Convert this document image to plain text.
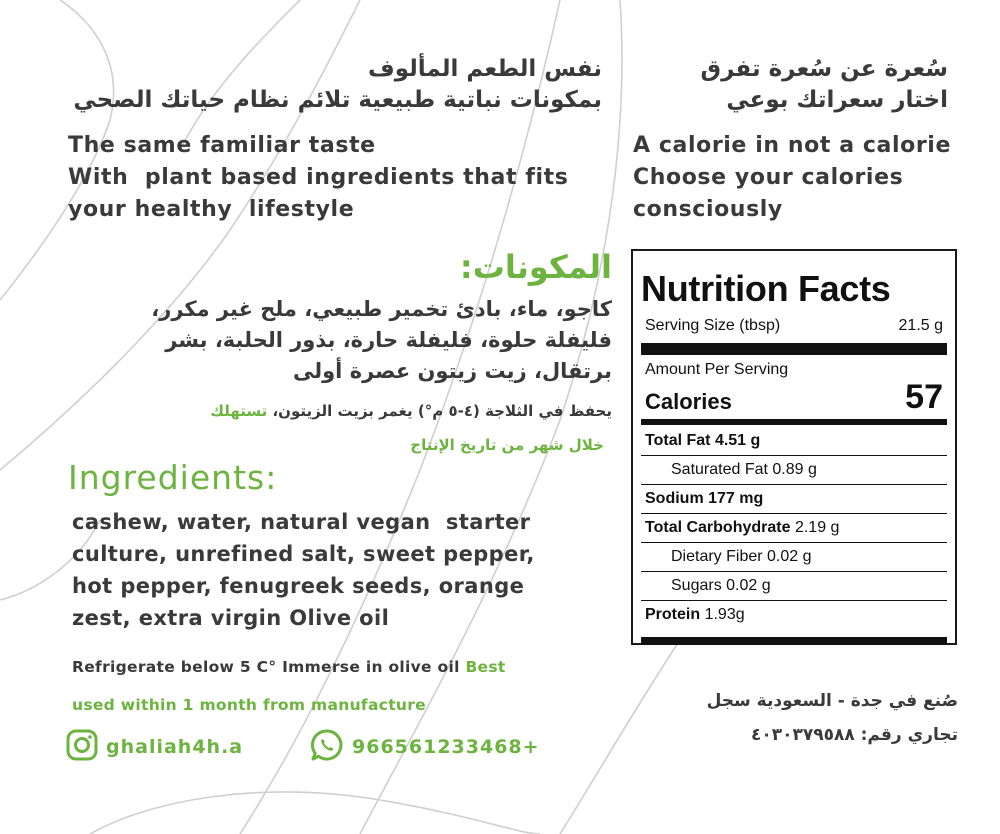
نفس الطعم المألوف
بمكونات نباتية طبيعية تلائم نظام حياتك الصحي
The same familiar taste
With  plant based ingredients that fits
your healthy  lifestyle
سُعرة عن سُعرة تفرق
اختار سعراتك بوعي
A calorie in not a calorie
Choose your calories
consciously
المكونات:
كاجو، ماء، بادئ تخمير طبيعي، ملح غير مكرر،
فليفلة حلوة، فليفلة حارة، بذور الحلبة، بشر
برتقال، زيت زيتون عصرة أولى
يحفظ في الثلاجة (٤-٥ م°) يغمر بزيت الزيتون، تستهلك
خلال شهر من تاريخ الإنتاج
Ingredients:
cashew, water, natural vegan  starter
culture, unrefined salt, sweet pepper,
hot pepper, fenugreek seeds, orange
zest, extra virgin Olive oil
Refrigerate below 5 C° Immerse in olive oil Best
used within 1 month from manufacture
ghaliah4h.a	966561233468+
Nutrition Facts
Serving Size (tbsp)	21.5 g
Amount Per Serving
Calories	57
Total Fat 4.51 g
Saturated Fat 0.89 g
Sodium 177 mg
Total Carbohydrate 2.19 g
Dietary Fiber 0.02 g
Sugars 0.02 g
Protein 1.93g
صُنع في جدة - السعودية سجل
تجاري رقم: ٤٠٣٠٣٧٩٥٨٨
